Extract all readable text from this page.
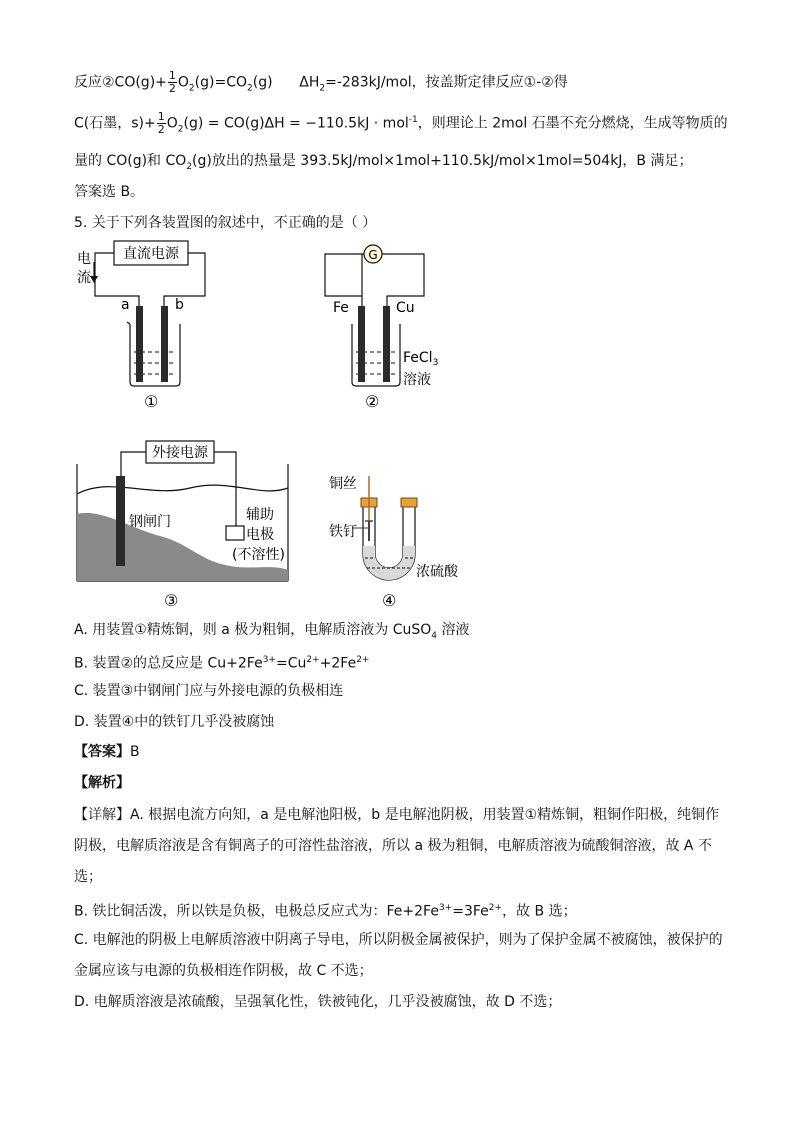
反应②CO(g)+ $\frac{1}{2} O_2(g)=CO_2(g)$      $\Delta H_2=-283kJ$/mol，按盖斯定律反应①-②得
C(石墨，$s)+ \frac{1}{2} O_2(g) = CO(g)\Delta H = -110.5kJ \cdot mol^{-1}$，则理论上 2mol 石墨不充分燃烧，生成等物质的
量的 CO(g)和 $CO_2(g)$放出的热量是 393.5kJ/mol×1mol+110.5kJ/mol×1mol=504kJ，B 满足；
答案选 B。
5. 关于下列各装置图的叙述中，不正确的是（ ）
直流电源
电
流
a	b
①
G
Fe	Cu
FeCl$_3$
溶液
②
外接电源
钢闸门	辅助
电极
(不溶性)
③
铜丝
铁钉
浓硫酸
④
A. 用装置①精炼铜，则 a 极为粗铜，电解质溶液为 CuSO$_4$ 溶液
B. 装置②的总反应是 $Cu+2Fe^{3+}=Cu^{2+}+2Fe^{2+}$
C. 装置③中钢闸门应与外接电源的负极相连
D. 装置④中的铁钉几乎没被腐蚀
【答案】B
【解析】
【详解】A. 根据电流方向知，a 是电解池阳极，b 是电解池阴极，用装置①精炼铜，粗铜作阳极，纯铜作
阴极，电解质溶液是含有铜离子的可溶性盐溶液，所以 a 极为粗铜，电解质溶液为硫酸铜溶液，故 A 不
选；
B. 铁比铜活泼，所以铁是负极，电极总反应式为：$Fe+2Fe^{3+}=3Fe^{2+}$，故 B 选；
C. 电解池的阴极上电解质溶液中阴离子导电，所以阴极金属被保护，则为了保护金属不被腐蚀，被保护的
金属应该与电源的负极相连作阴极，故 C 不选；
D. 电解质溶液是浓硫酸，呈强氧化性，铁被钝化，几乎没被腐蚀，故 D 不选；
